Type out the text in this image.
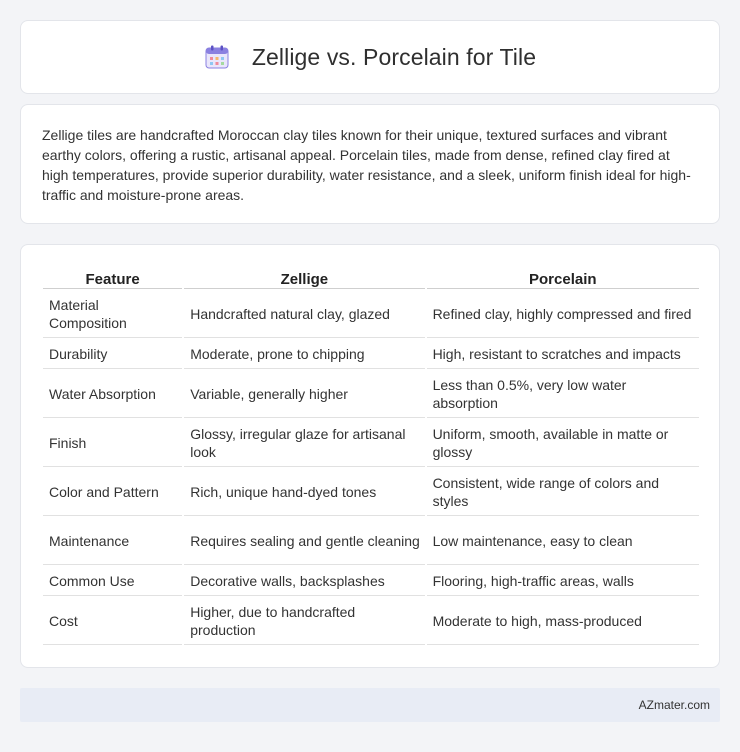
Zellige vs. Porcelain for Tile

Zellige tiles are handcrafted Moroccan clay tiles known for their unique, textured surfaces and vibrant earthy colors, offering a rustic, artisanal appeal. Porcelain tiles, made from dense, refined clay fired at high temperatures, provide superior durability, water resistance, and a sleek, uniform finish ideal for high-traffic and moisture-prone areas.

Feature	Zellige	Porcelain
Material Composition	Handcrafted natural clay, glazed	Refined clay, highly compressed and fired
Durability	Moderate, prone to chipping	High, resistant to scratches and impacts
Water Absorption	Variable, generally higher	Less than 0.5%, very low water absorption
Finish	Glossy, irregular glaze for artisanal look	Uniform, smooth, available in matte or glossy
Color and Pattern	Rich, unique hand-dyed tones	Consistent, wide range of colors and styles
Maintenance	Requires sealing and gentle cleaning	Low maintenance, easy to clean
Common Use	Decorative walls, backsplashes	Flooring, high-traffic areas, walls
Cost	Higher, due to handcrafted production	Moderate to high, mass-produced
AZmater.com
